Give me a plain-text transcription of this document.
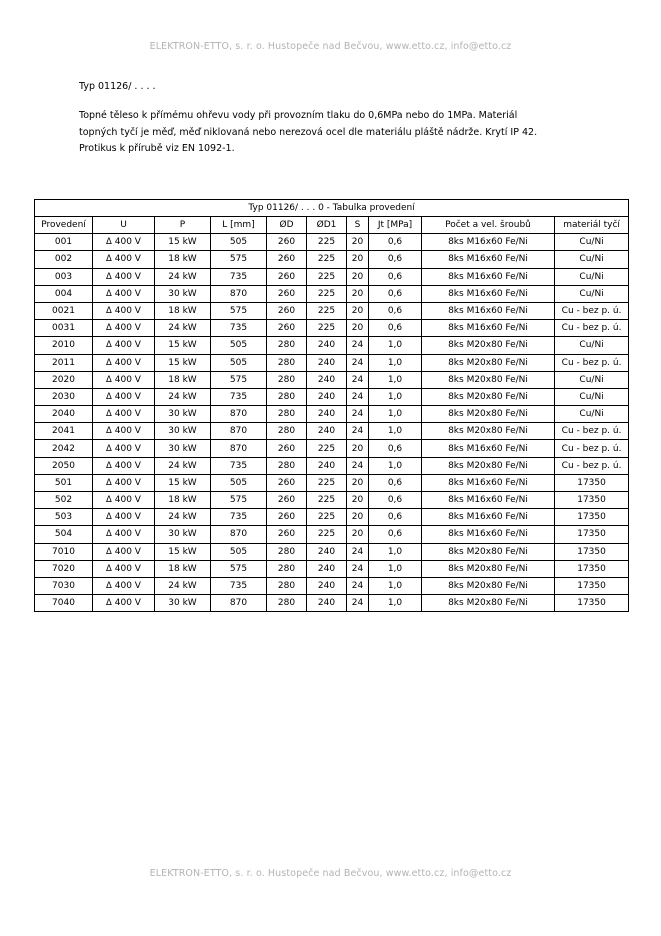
ELEKTRON-ETTO, s. r. o. Hustopeče nad Bečvou, www.etto.cz, info@etto.cz
Typ 01126/ . . . .
Topné těleso k přímému ohřevu vody při provozním tlaku do 0,6MPa nebo do 1MPa. Materiál
topných tyčí je měď, měď niklovaná nebo nerezová ocel dle materiálu pláště nádrže. Krytí IP 42.
Protikus k přírubě viz EN 1092-1.
Typ 01126/ . . . 0 - Tabulka provedení									
Provedení	U	P	L [mm]	ØD	ØD1	S	Jt [MPa]	Počet a vel. šroubů	materiál tyčí
001	Δ 400 V	15 kW	505	260	225	20	0,6	8ks M16x60 Fe/Ni	Cu/Ni
002	Δ 400 V	18 kW	575	260	225	20	0,6	8ks M16x60 Fe/Ni	Cu/Ni
003	Δ 400 V	24 kW	735	260	225	20	0,6	8ks M16x60 Fe/Ni	Cu/Ni
004	Δ 400 V	30 kW	870	260	225	20	0,6	8ks M16x60 Fe/Ni	Cu/Ni
0021	Δ 400 V	18 kW	575	260	225	20	0,6	8ks M16x60 Fe/Ni	Cu - bez p. ú.
0031	Δ 400 V	24 kW	735	260	225	20	0,6	8ks M16x60 Fe/Ni	Cu - bez p. ú.
2010	Δ 400 V	15 kW	505	280	240	24	1,0	8ks M20x80 Fe/Ni	Cu/Ni
2011	Δ 400 V	15 kW	505	280	240	24	1,0	8ks M20x80 Fe/Ni	Cu - bez p. ú.
2020	Δ 400 V	18 kW	575	280	240	24	1,0	8ks M20x80 Fe/Ni	Cu/Ni
2030	Δ 400 V	24 kW	735	280	240	24	1,0	8ks M20x80 Fe/Ni	Cu/Ni
2040	Δ 400 V	30 kW	870	280	240	24	1,0	8ks M20x80 Fe/Ni	Cu/Ni
2041	Δ 400 V	30 kW	870	280	240	24	1,0	8ks M20x80 Fe/Ni	Cu - bez p. ú.
2042	Δ 400 V	30 kW	870	260	225	20	0,6	8ks M16x60 Fe/Ni	Cu - bez p. ú.
2050	Δ 400 V	24 kW	735	280	240	24	1,0	8ks M20x80 Fe/Ni	Cu - bez p. ú.
501	Δ 400 V	15 kW	505	260	225	20	0,6	8ks M16x60 Fe/Ni	17350
502	Δ 400 V	18 kW	575	260	225	20	0,6	8ks M16x60 Fe/Ni	17350
503	Δ 400 V	24 kW	735	260	225	20	0,6	8ks M16x60 Fe/Ni	17350
504	Δ 400 V	30 kW	870	260	225	20	0,6	8ks M16x60 Fe/Ni	17350
7010	Δ 400 V	15 kW	505	280	240	24	1,0	8ks M20x80 Fe/Ni	17350
7020	Δ 400 V	18 kW	575	280	240	24	1,0	8ks M20x80 Fe/Ni	17350
7030	Δ 400 V	24 kW	735	280	240	24	1,0	8ks M20x80 Fe/Ni	17350
7040	Δ 400 V	30 kW	870	280	240	24	1,0	8ks M20x80 Fe/Ni	17350
ELEKTRON-ETTO, s. r. o. Hustopeče nad Bečvou, www.etto.cz, info@etto.cz
